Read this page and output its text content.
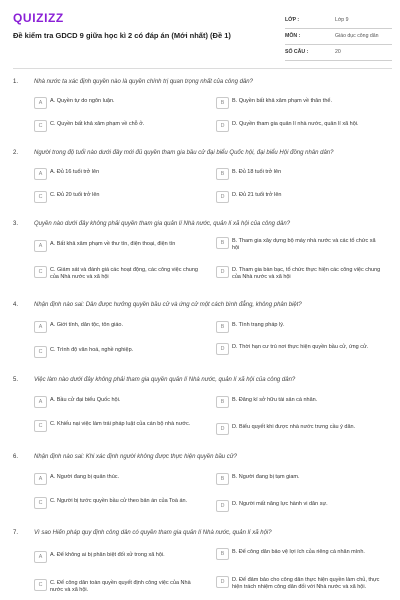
QUIZIZZ
Đề kiểm tra GDCD 9 giữa học kì 2 có đáp án (Mới nhất) (Đề 1)
LỚP :	Lớp 9
MÔN :	Giáo dục công dân
SỐ CÂU :	20
1.	Nhà nước ta xác định quyền nào là quyền chính trị quan trọng nhất của công dân?
A	A. Quyền tự do ngôn luận.	B	B. Quyền bất khả xâm phạm về thân thể.
C	C. Quyền bất khả xâm phạm về chỗ ở.	D	D. Quyền tham gia quản lí nhà nước, quản lí xã hội.
2.	Người trong độ tuổi nào dưới đây mới đủ quyền tham gia bầu cử đại biểu Quốc hội, đại biểu Hội đồng nhân dân?
A	A. Đủ 16 tuổi trở lên	B	B. Đủ 18 tuổi trở lên
C	C. Đủ 20 tuổi trở lên	D	D. Đủ 21 tuổi trở lên
3.	Quyền nào dưới đây không phải quyền tham gia quản lí Nhà nước, quản lí xã hội của công dân?
A	A. Bất khả xâm phạm về thư tín, điện thoại, điện tín	B	B. Tham gia xây dựng bộ máy nhà nước và các tổ chức xã hội
C	C. Giám sát và đánh giá các hoạt động, các công việc chung của Nhà nước và xã hội
D	D. Tham gia bàn bạc, tổ chức thực hiện các công việc chung của Nhà nước và xã hội
4.	Nhận định nào sai: Dân được hưởng quyền bầu cử và ứng cử một cách bình đẳng, không phân biệt?
A	A. Giới tính, dân tộc, tôn giáo.	B	B. Tình trạng pháp lý.
C	C. Trình độ văn hoá, nghề nghiệp.	D	D. Thời hạn cư trú nơi thực hiện quyền bầu cử, ứng cử.
5.	Việc làm nào dưới đây không phải tham gia quyền quản lí Nhà nước, quản lí xã hội của công dân?
A	A. Bầu cử đại biểu Quốc hội.	B	B. Đăng kí sở hữu tài sản cá nhân.
C	C. Khiếu nại việc làm trái pháp luật của cán bộ nhà nước.
D	D. Biểu quyết khi được nhà nước trưng cầu ý dân.
6.	Nhận định nào sai: Khi xác định người không được thực hiện quyền bầu cử?
A	A. Người đang bị quản thúc.	B	B. Người đang bị tạm giam.
C	C. Người bị tước quyền bầu cử theo bản án của Toà án.
D	D. Người mất năng lực hành vi dân sự.
7.	Vì sao Hiến pháp quy định công dân có quyền tham gia quản lí Nhà nước, quản lí xã hội?
A	A. Để không ai bị phân biệt đối xử trong xã hội.	B	B. Để công dân bảo vệ lợi ích của riêng cá nhân mình.
C	C. Để công dân toàn quyền quyết định công việc của Nhà nước và xã hội.
D	D. Để đảm bảo cho công dân thực hiện quyền làm chủ, thực hiện trách nhiệm công dân đối với Nhà nước và xã hội.
